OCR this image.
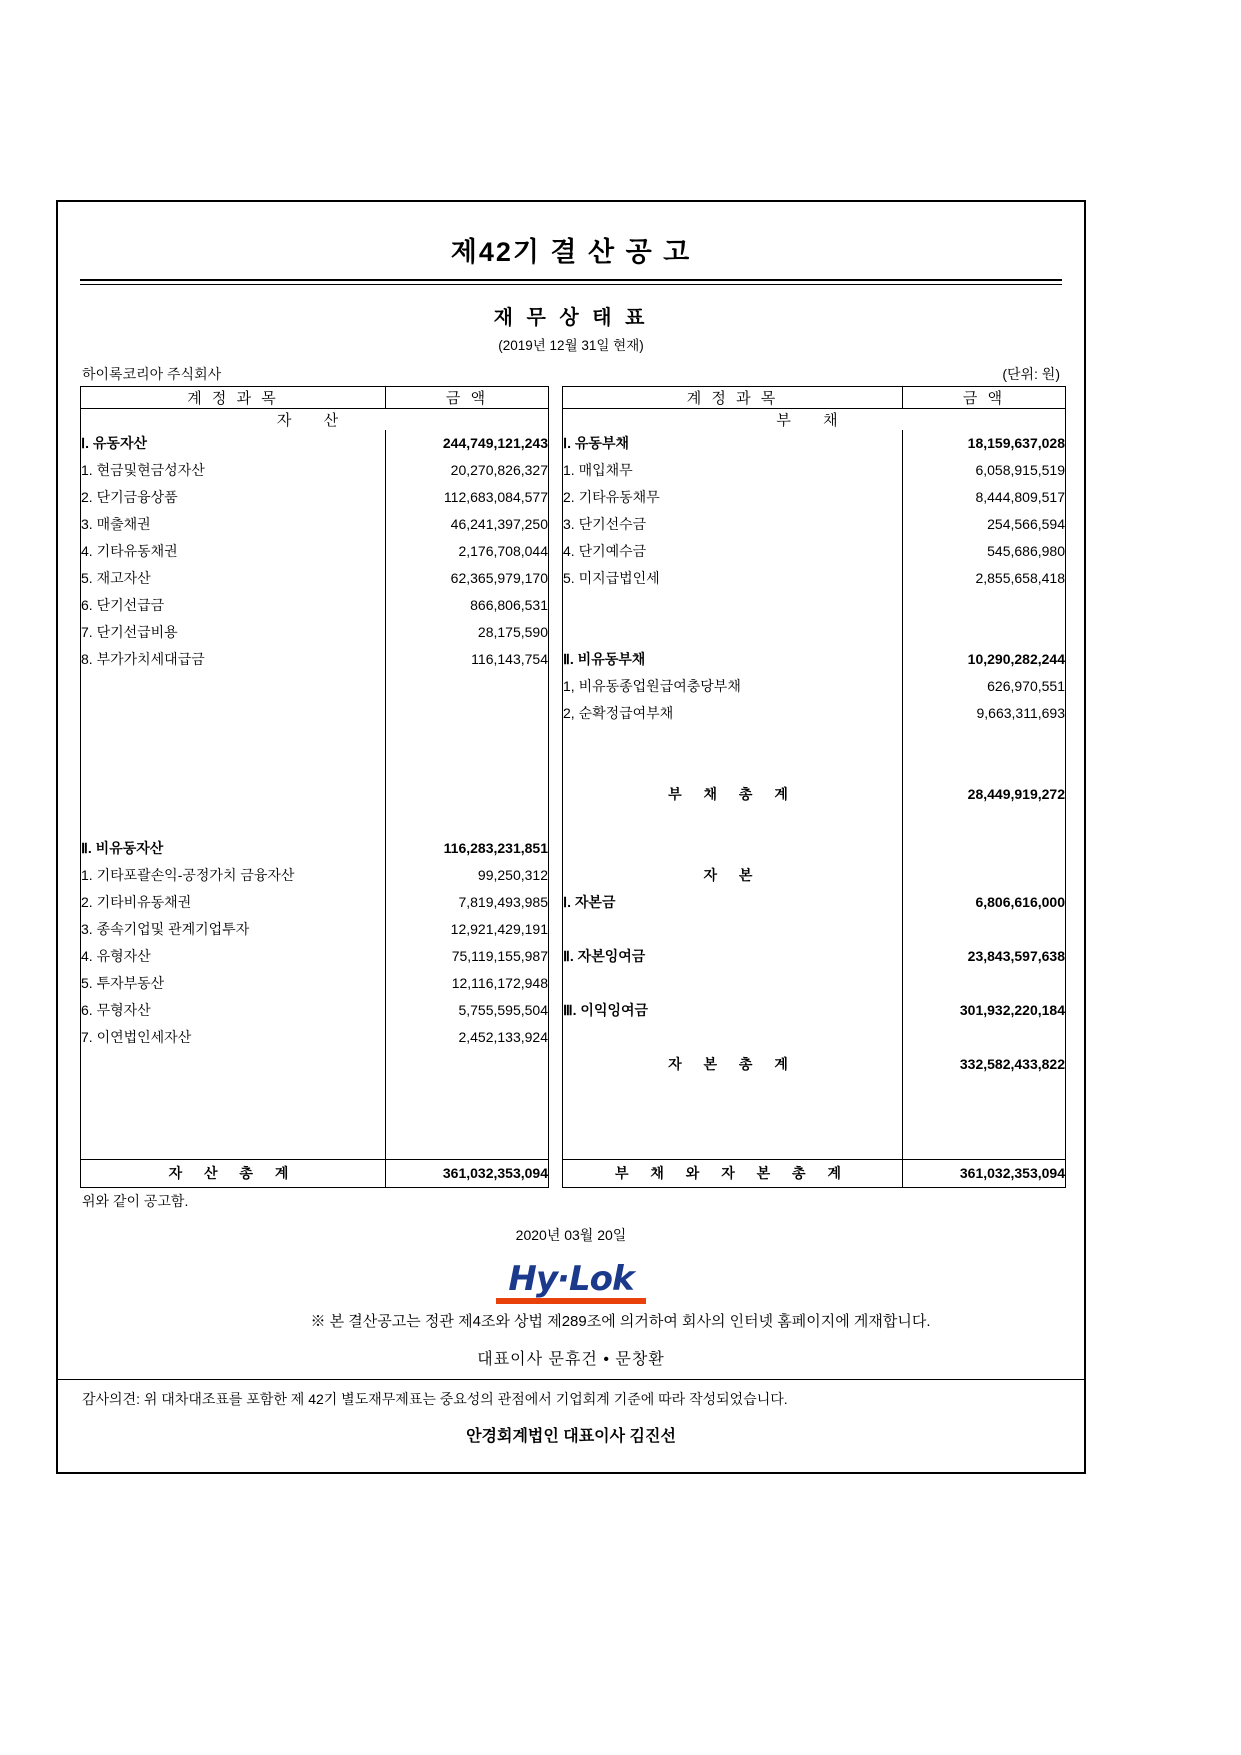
제42기 결 산 공 고
재 무 상 태 표
(2019년 12월 31일 현재)
하이록코리아 주식회사	(단위: 원)
계 정 과 목	금 액		계 정 과 목	금 액
자 산			부 채	
Ⅰ. 유동자산	244,749,121,243		Ⅰ. 유동부채	18,159,637,028
1. 현금및현금성자산	20,270,826,327		1. 매입채무	6,058,915,519
2. 단기금융상품	112,683,084,577		2. 기타유동채무	8,444,809,517
3. 매출채권	46,241,397,250		3. 단기선수금	254,566,594
4. 기타유동채권	2,176,708,044		4. 단기예수금	545,686,980
5. 재고자산	62,365,979,170		5. 미지급법인세	2,855,658,418
6. 단기선급금	866,806,531			
7. 단기선급비용	28,175,590			
8. 부가가치세대급금	116,143,754		Ⅱ. 비유동부채	10,290,282,244
			1, 비유동종업원급여충당부채	626,970,551
			2, 순확정급여부채	9,663,311,693

			부 채 총 계	28,449,919,272

Ⅱ. 비유동자산	116,283,231,851			
1. 기타포괄손익-공정가치 금융자산	99,250,312		자 본	
2. 기타비유동채권	7,819,493,985		Ⅰ. 자본금	6,806,616,000
3. 종속기업및 관계기업투자	12,921,429,191			
4. 유형자산	75,119,155,987		Ⅱ. 자본잉여금	23,843,597,638
5. 투자부동산	12,116,172,948			
6. 무형자산	5,755,595,504		Ⅲ. 이익잉여금	301,932,220,184
7. 이연법인세자산	2,452,133,924			
			자 본 총 계	332,582,433,822

자 산 총 계	361,032,353,094		부 채 와 자 본 총 계	361,032,353,094
위와 같이 공고함.
2020년 03월 20일
Hy·Lok
대표이사 문휴건 • 문창환
감사의견: 위 대차대조표를 포함한 제 42기 별도재무제표는 중요성의 관점에서 기업회계 기준에 따라 작성되었습니다.
안경회계법인 대표이사 김진선
※ 본 결산공고는 정관 제4조와 상법 제289조에 의거하여 회사의 인터넷 홈페이지에 게재합니다.
